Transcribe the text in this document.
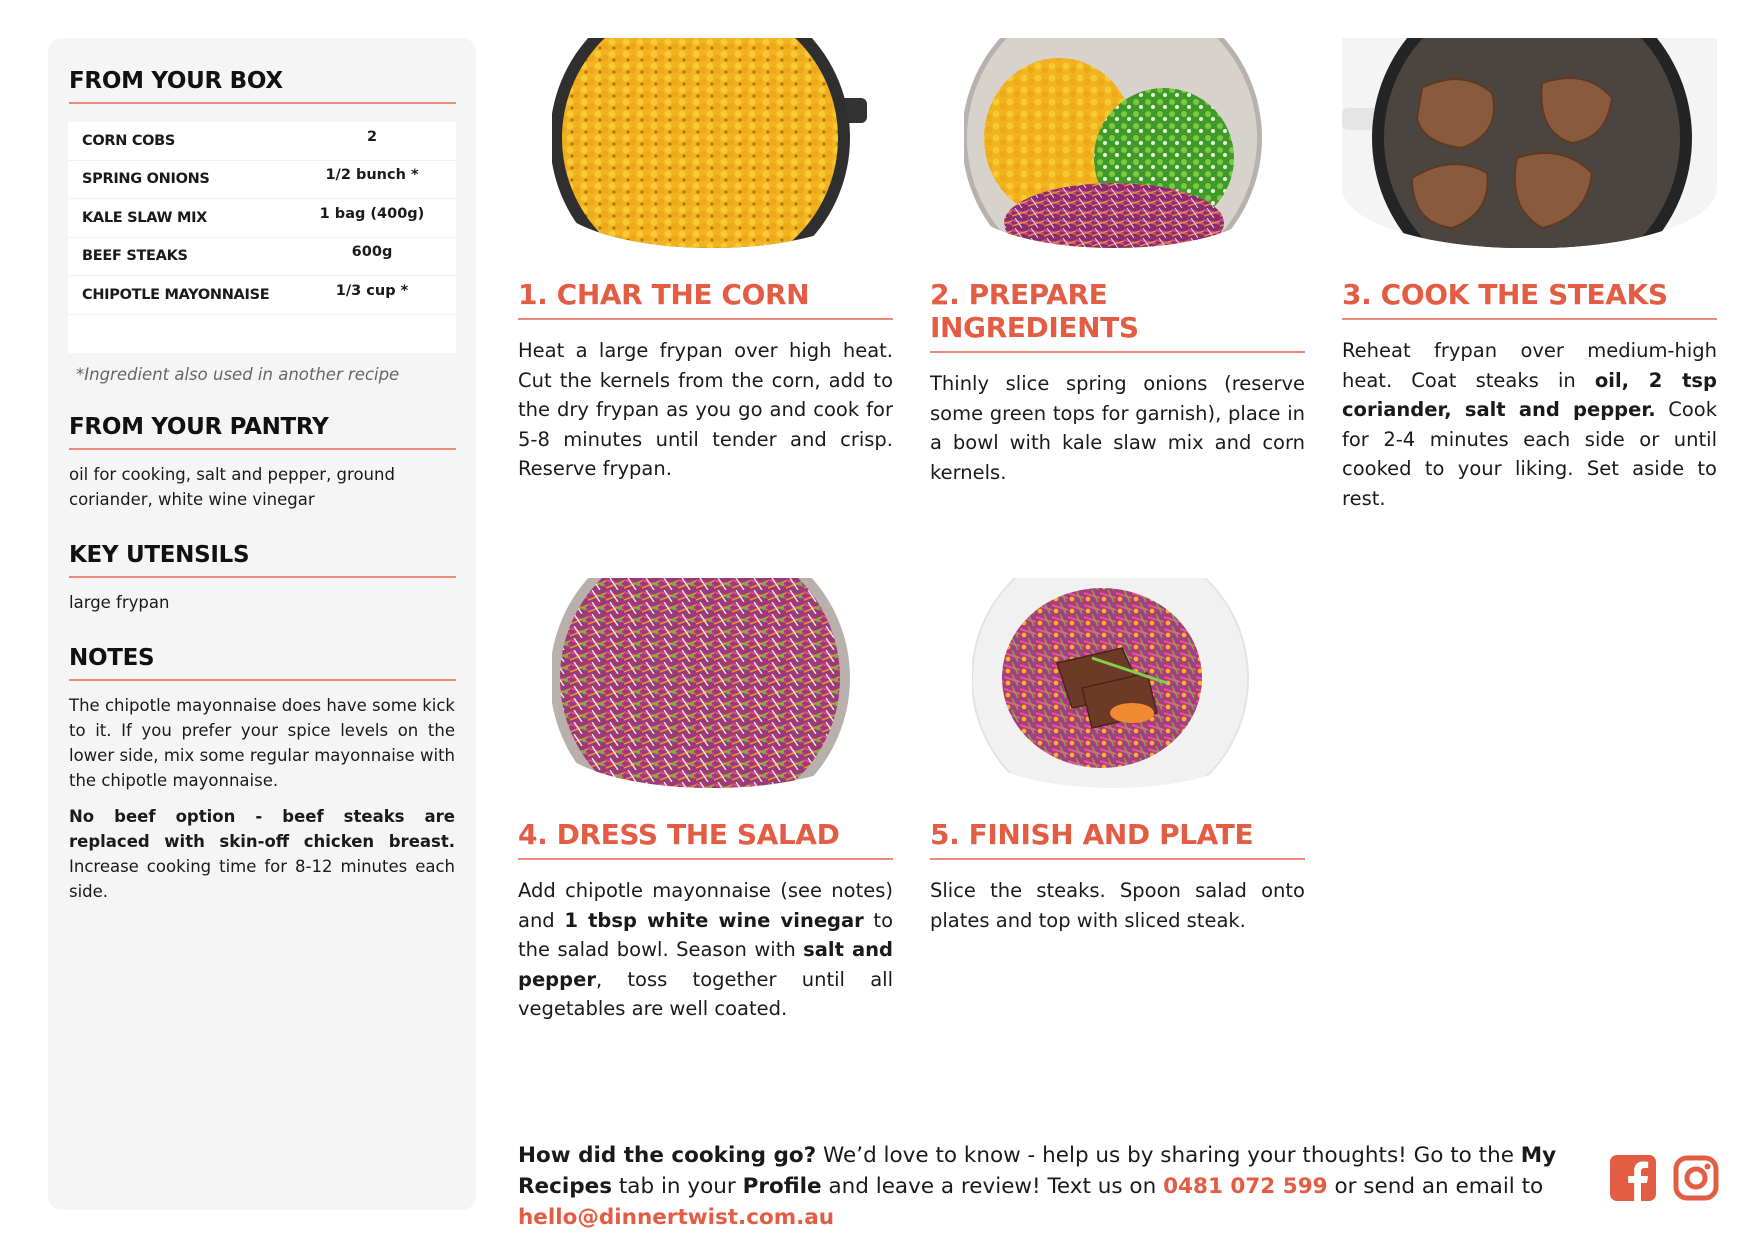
FROM YOUR BOX
CORN COBS	2
SPRING ONIONS	1/2 bunch *
KALE SLAW MIX	1 bag (400g)
BEEF STEAKS	600g
CHIPOTLE MAYONNAISE	1/3 cup *
*Ingredient also used in another recipe
FROM YOUR PANTRY
oil for cooking, salt and pepper, ground coriander, white wine vinegar
KEY UTENSILS
large frypan
NOTES
The chipotle mayonnaise does have some kick to it. If you prefer your spice levels on the lower side, mix some regular mayonnaise with the chipotle mayonnaise.
No beef option - beef steaks are replaced with skin-off chicken breast. Increase cooking time for 8-12 minutes each side.
1. CHAR THE CORN
Heat a large frypan over high heat. Cut the kernels from the corn, add to the dry frypan as you go and cook for 5-8 minutes until tender and crisp. Reserve frypan.
2. PREPARE INGREDIENTS
Thinly slice spring onions (reserve some green tops for garnish), place in a bowl with kale slaw mix and corn kernels.
3. COOK THE STEAKS
Reheat frypan over medium-high heat. Coat steaks in oil, 2 tsp coriander, salt and pepper. Cook for 2-4 minutes each side or until cooked to your liking. Set aside to rest.
4. DRESS THE SALAD
Add chipotle mayonnaise (see notes) and 1 tbsp white wine vinegar to the salad bowl. Season with salt and pepper, toss together until all vegetables are well coated.
5. FINISH AND PLATE
Slice the steaks. Spoon salad onto plates and top with sliced steak.
How did the cooking go? We’d love to know - help us by sharing your thoughts! Go to the My Recipes tab in your Profile and leave a review! Text us on 0481 072 599 or send an email to hello@dinnertwist.com.au
